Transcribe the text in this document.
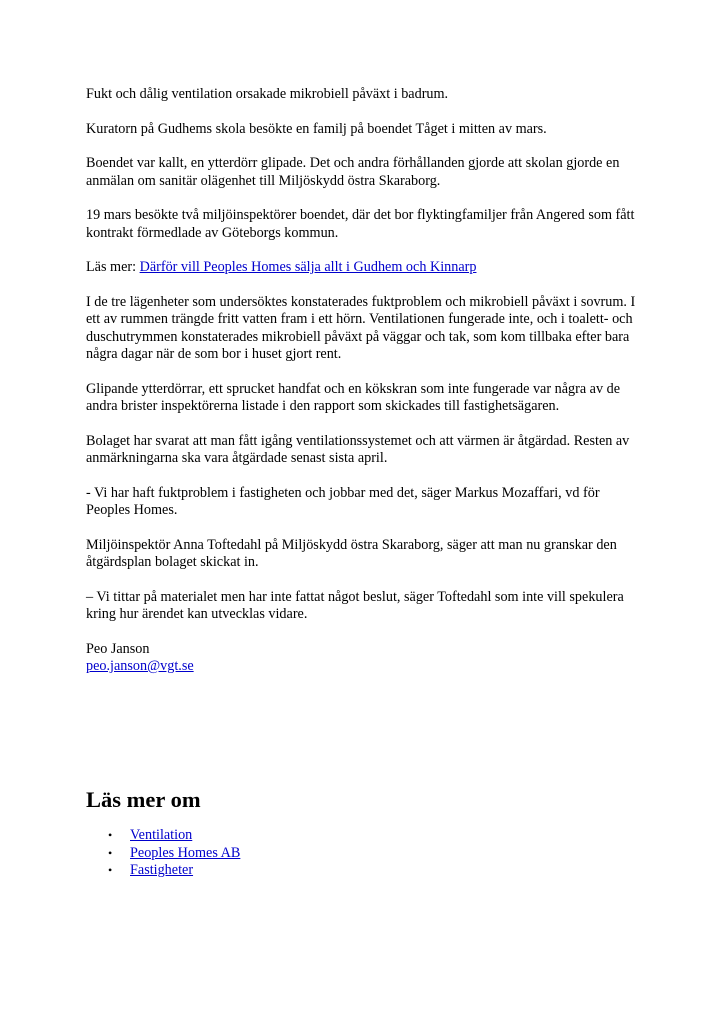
Fukt och dålig ventilation orsakade mikrobiell påväxt i badrum.

Kuratorn på Gudhems skola besökte en familj på boendet Tåget i mitten av mars.

Boendet var kallt, en ytterdörr glipade. Det och andra förhållanden gjorde att skolan gjorde en anmälan om sanitär olägenhet till Miljöskydd östra Skaraborg.

19 mars besökte två miljöinspektörer boendet, där det bor flyktingfamiljer från Angered som fått kontrakt förmedlade av Göteborgs kommun.

Läs mer: Därför vill Peoples Homes sälja allt i Gudhem och Kinnarp

I de tre lägenheter som undersöktes konstaterades fuktproblem och mikrobiell påväxt i sovrum. I ett av rummen trängde fritt vatten fram i ett hörn. Ventilationen fungerade inte, och i toalett- och duschutrymmen konstaterades mikrobiell påväxt på väggar och tak, som kom tillbaka efter bara några dagar när de som bor i huset gjort rent.

Glipande ytterdörrar, ett sprucket handfat och en kökskran som inte fungerade var några av de andra brister inspektörerna listade i den rapport som skickades till fastighetsägaren.

Bolaget har svarat att man fått igång ventilationssystemet och att värmen är åtgärdad. Resten av anmärkningarna ska vara åtgärdade senast sista april.

- Vi har haft fuktproblem i fastigheten och jobbar med det, säger Markus Mozaffari, vd för Peoples Homes.

Miljöinspektör Anna Toftedahl på Miljöskydd östra Skaraborg, säger att man nu granskar den åtgärdsplan bolaget skickat in.

– Vi tittar på materialet men har inte fattat något beslut, säger Toftedahl som inte vill spekulera kring hur ärendet kan utvecklas vidare.

Peo Janson

peo.janson@vgt.se

Läs mer om
• Ventilation
• Peoples Homes AB
• Fastigheter
